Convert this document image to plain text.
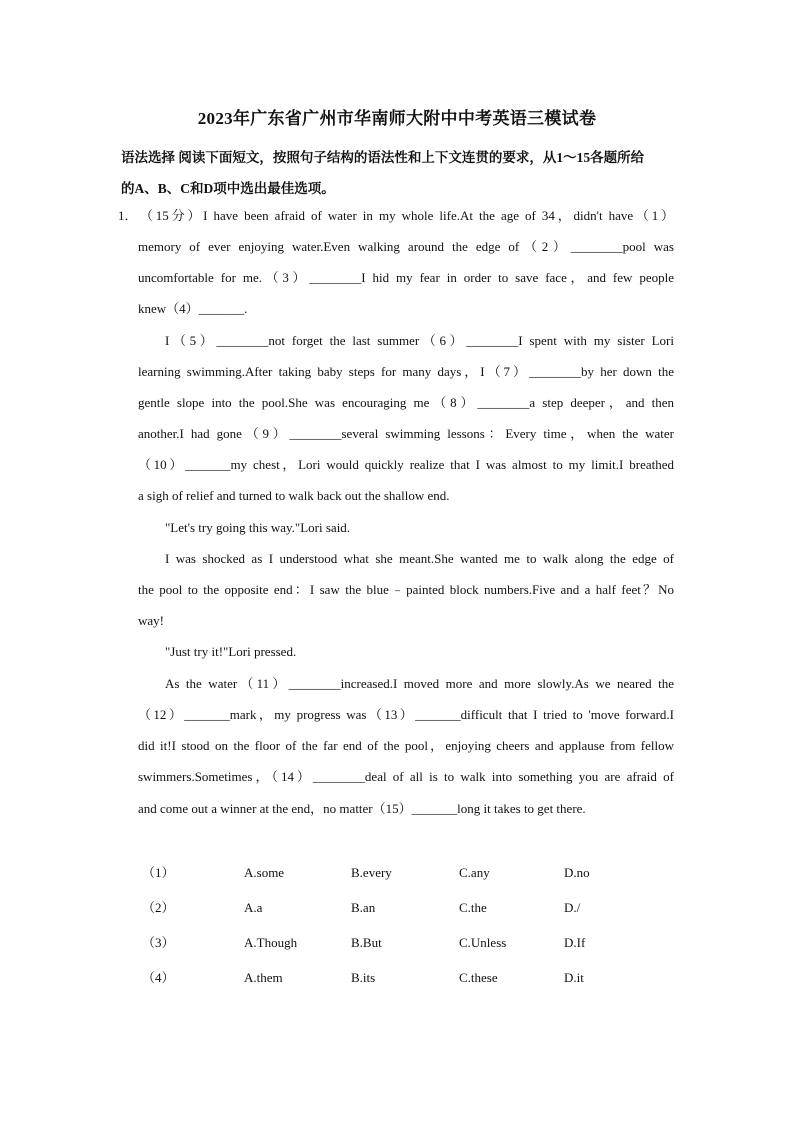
2023年广东省广州市华南师大附中中考英语三模试卷
语法选择 阅读下面短文，按照句子结构的语法性和上下文连贯的要求，从1～15各题所给
的A、B、C和D项中选出最佳选项。
1． （15分）I have been afraid of water in my whole life.At the age of 34，didn't have（1）
memory of ever enjoying water.Even walking around the edge of（2）________pool was
uncomfortable for me.（3）________I hid my fear in order to save face，and few people
knew（4）_______.
I（5）________not forget the last summer（6）________I spent with my sister Lori
learning swimming.After taking baby steps for many days，I（7）________by her down the
gentle slope into the pool.She was encouraging me（8）________a step deeper，and then
another.I had gone（9）________several swimming lessons：Every time，when the water
（10）_______my chest，Lori would quickly realize that I was almost to my limit.I breathed
a sigh of relief and turned to walk back out the shallow end.
"Let's try going this way."Lori said.
I was shocked as I understood what she meant.She wanted me to walk along the edge of
the pool to the opposite end：I saw the blue﹣painted block numbers.Five and a half feet？No
way!
"Just try it!"Lori pressed.
As the water（11）________increased.I moved more and more slowly.As we neared the
（12）_______mark，my progress was（13）_______difficult that I tried to 'move forward.I
did it!I stood on the floor of the far end of the pool，enjoying cheers and applause from fellow
swimmers.Sometimes，（14）________deal of all is to walk into something you are afraid of
and come out a winner at the end，no matter（15）_______long it takes to get there.
（1）	A.some	B.every	C.any	D.no
（2）	A.a	B.an	C.the	D./
（3）	A.Though	B.But	C.Unless	D.If
（4）	A.them	B.its	C.these	D.it
